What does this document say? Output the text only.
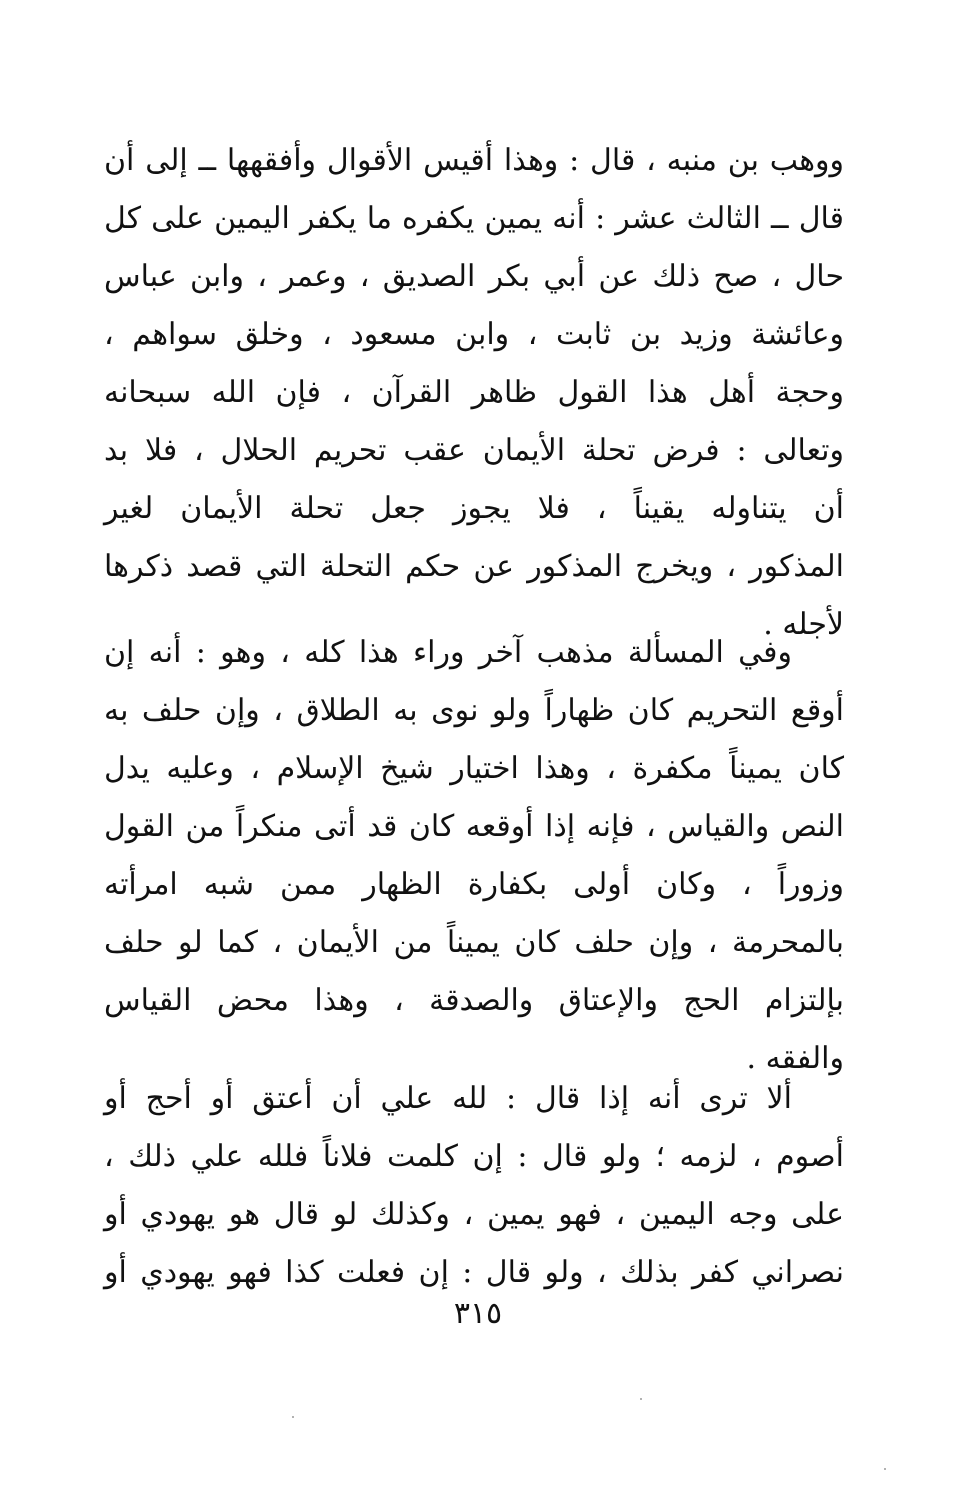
ووهب بن منبه ، قال : وهذا أقيس الأقوال وأفقهها ــ إلى أن
قال ــ الثالث عشر : أنه يمين يكفره ما يكفر اليمين على كل
حال ، صح ذلك عن أبي بكر الصديق ، وعمر ، وابن عباس
وعائشة وزيد بن ثابت ، وابن مسعود ، وخلق سواهم ،
وحجة أهل هذا القول ظاهر القرآن ، فإن الله سبحانه
وتعالى : فرض تحلة الأيمان عقب تحريم الحلال ، فلا بد
أن يتناوله يقيناً ، فلا يجوز جعل تحلة الأيمان لغير
المذكور ، ويخرج المذكور عن حكم التحلة التي قصد ذكرها
لأجله .
وفي المسألة مذهب آخر وراء هذا كله ، وهو : أنه إن
أوقع التحريم كان ظهاراً ولو نوى به الطلاق ، وإن حلف به
كان يميناً مكفرة ، وهذا اختيار شيخ الإسلام ، وعليه يدل
النص والقياس ، فإنه إذا أوقعه كان قد أتى منكراً من القول
وزوراً ، وكان أولى بكفارة الظهار ممن شبه امرأته
بالمحرمة ، وإن حلف كان يميناً من الأيمان ، كما لو حلف
بإلتزام الحج والإعتاق والصدقة ، وهذا محض القياس
والفقه .
ألا ترى أنه إذا قال : لله علي أن أعتق أو أحج أو
أصوم ، لزمه ؛ ولو قال : إن كلمت فلاناً فلله علي ذلك ،
على وجه اليمين ، فهو يمين ، وكذلك لو قال هو يهودي أو
نصراني كفر بذلك ، ولو قال : إن فعلت كذا فهو يهودي أو
٣١٥
